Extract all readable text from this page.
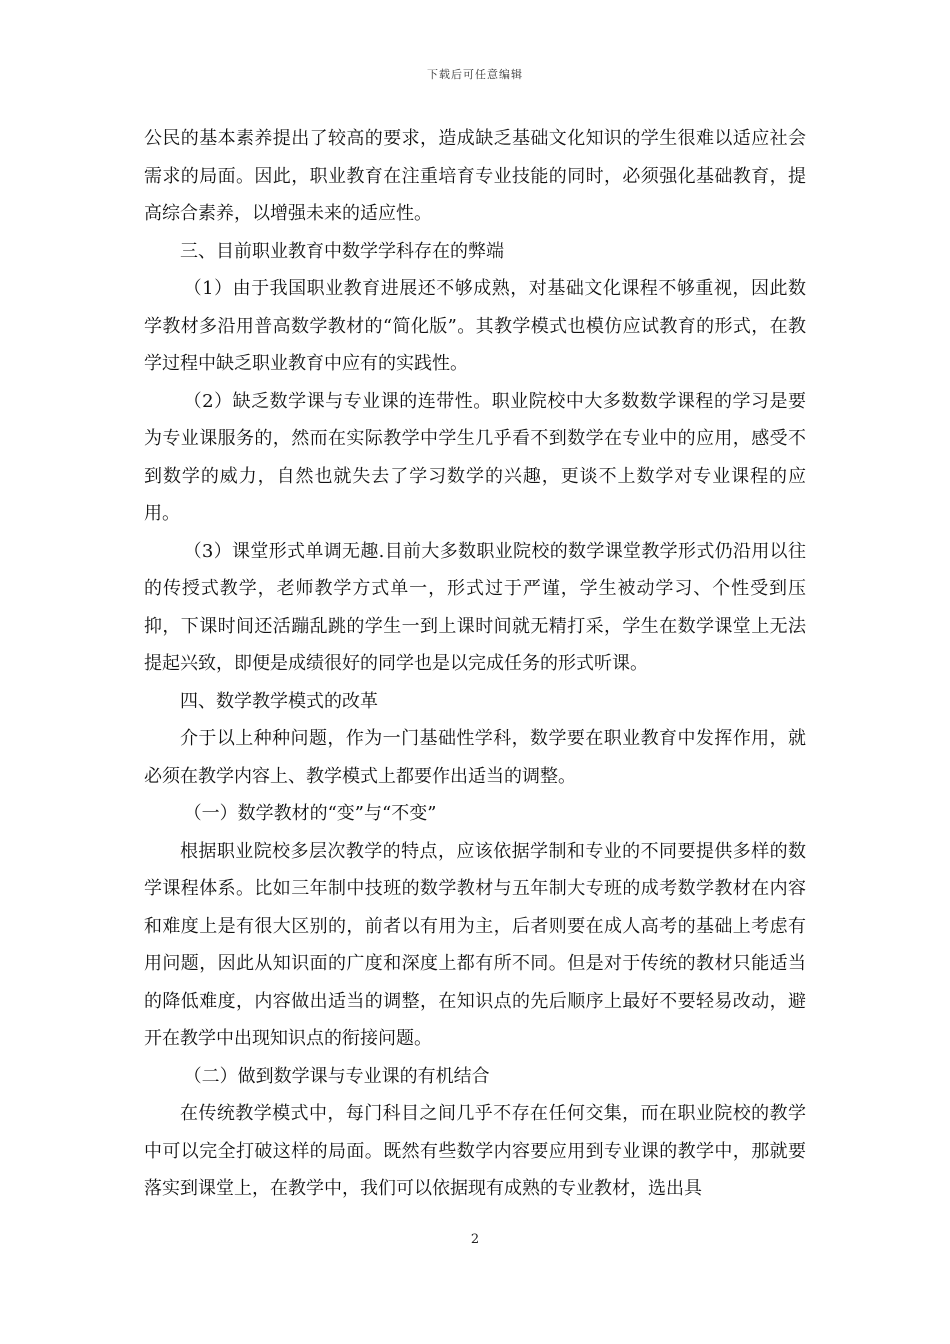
下载后可任意编辑

公民的基本素养提出了较高的要求，造成缺乏基础文化知识的学生很难以适应社会需求的局面。因此，职业教育在注重培育专业技能的同时，必须强化基础教育，提高综合素养，以增强未来的适应性。

三、目前职业教育中数学学科存在的弊端

（1）由于我国职业教育进展还不够成熟，对基础文化课程不够重视，因此数学教材多沿用普高数学教材的“简化版”。其教学模式也模仿应试教育的形式，在教学过程中缺乏职业教育中应有的实践性。

（2）缺乏数学课与专业课的连带性。职业院校中大多数数学课程的学习是要为专业课服务的，然而在实际教学中学生几乎看不到数学在专业中的应用，感受不到数学的威力，自然也就失去了学习数学的兴趣，更谈不上数学对专业课程的应用。

（3）课堂形式单调无趣.目前大多数职业院校的数学课堂教学形式仍沿用以往的传授式教学，老师教学方式单一，形式过于严谨，学生被动学习、个性受到压抑，下课时间还活蹦乱跳的学生一到上课时间就无精打采，学生在数学课堂上无法提起兴致，即便是成绩很好的同学也是以完成任务的形式听课。

四、数学教学模式的改革

介于以上种种问题，作为一门基础性学科，数学要在职业教育中发挥作用，就必须在教学内容上、教学模式上都要作出适当的调整。

（一）数学教材的“变”与“不变”

根据职业院校多层次教学的特点，应该依据学制和专业的不同要提供多样的数学课程体系。比如三年制中技班的数学教材与五年制大专班的成考数学教材在内容和难度上是有很大区别的，前者以有用为主，后者则要在成人高考的基础上考虑有用问题，因此从知识面的广度和深度上都有所不同。但是对于传统的教材只能适当的降低难度，内容做出适当的调整，在知识点的先后顺序上最好不要轻易改动，避开在教学中出现知识点的衔接问题。

（二）做到数学课与专业课的有机结合

在传统教学模式中，每门科目之间几乎不存在任何交集，而在职业院校的教学中可以完全打破这样的局面。既然有些数学内容要应用到专业课的教学中，那就要落实到课堂上，在教学中，我们可以依据现有成熟的专业教材，选出具

2
